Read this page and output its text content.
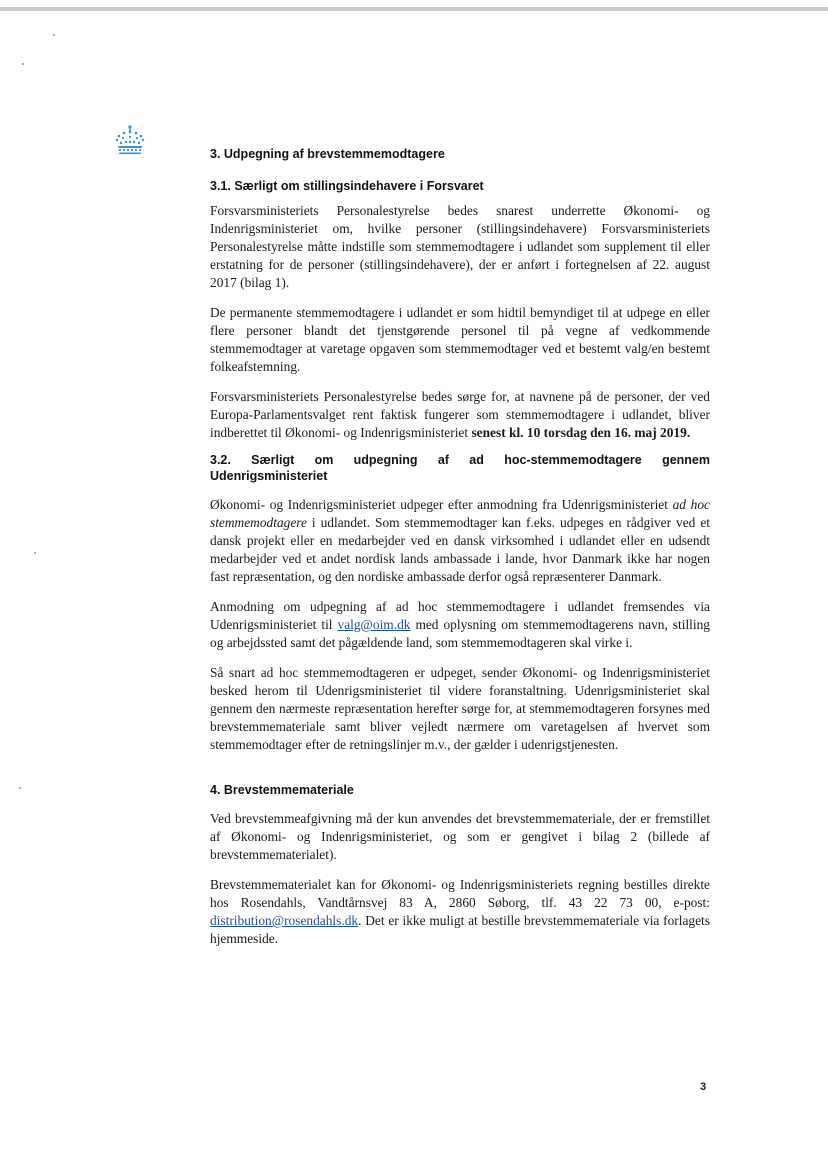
3. Udpegning af brevstemmemodtagere
3.1. Særligt om stillingsindehavere i Forsvaret

Forsvarsministeriets Personalestyrelse bedes snarest underrette Økonomi- og Indenrigsministeriet om, hvilke personer (stillingsindehavere) Forsvarsministeriets Personalestyrelse måtte indstille som stemmemodtagere i udlandet som supplement til eller erstatning for de personer (stillingsindehavere), der er anført i fortegnelsen af 22. august 2017 (bilag 1).

De permanente stemmemodtagere i udlandet er som hidtil bemyndiget til at udpege en eller flere personer blandt det tjenstgørende personel til på vegne af vedkommende stemmemodtager at varetage opgaven som stemmemodtager ved et bestemt valg/en bestemt folkeafstemning.

Forsvarsministeriets Personalestyrelse bedes sørge for, at navnene på de personer, der ved Europa-Parlamentsvalget rent faktisk fungerer som stemmemodtagere i udlandet, bliver indberettet til Økonomi- og Indenrigsministeriet senest kl. 10 torsdag den 16. maj 2019.

3.2. Særligt om udpegning af ad hoc-stemmemodtagere gennem Udenrigsministeriet

Økonomi- og Indenrigsministeriet udpeger efter anmodning fra Udenrigsministeriet ad hoc stemmemodtagere i udlandet. Som stemmemodtager kan f.eks. udpeges en rådgiver ved et dansk projekt eller en medarbejder ved en dansk virksomhed i udlandet eller en udsendt medarbejder ved et andet nordisk lands ambassade i lande, hvor Danmark ikke har nogen fast repræsentation, og den nordiske ambassade derfor også repræsenterer Danmark.

Anmodning om udpegning af ad hoc stemmemodtagere i udlandet fremsendes via Udenrigsministeriet til valg@oim.dk med oplysning om stemmemodtagerens navn, stilling og arbejdssted samt det pågældende land, som stemmemodtageren skal virke i.

Så snart ad hoc stemmemodtageren er udpeget, sender Økonomi- og Indenrigsministeriet besked herom til Udenrigsministeriet til videre foranstaltning. Udenrigsministeriet skal gennem den nærmeste repræsentation herefter sørge for, at stemmemodtageren forsynes med brevstemmemateriale samt bliver vejledt nærmere om varetagelsen af hvervet som stemmemodtager efter de retningslinjer m.v., der gælder i udenrigstjenesten.

4. Brevstemmemateriale

Ved brevstemmeafgivning må der kun anvendes det brevstemmemateriale, der er fremstillet af Økonomi- og Indenrigsministeriet, og som er gengivet i bilag 2 (billede af brevstemmematerialet).

Brevstemmematerialet kan for Økonomi- og Indenrigsministeriets regning bestilles direkte hos Rosendahls, Vandtårnsvej 83 A, 2860 Søborg, tlf. 43 22 73 00, e-post: distribution@rosendahls.dk. Det er ikke muligt at bestille brevstemmemateriale via forlagets hjemmeside.

3
